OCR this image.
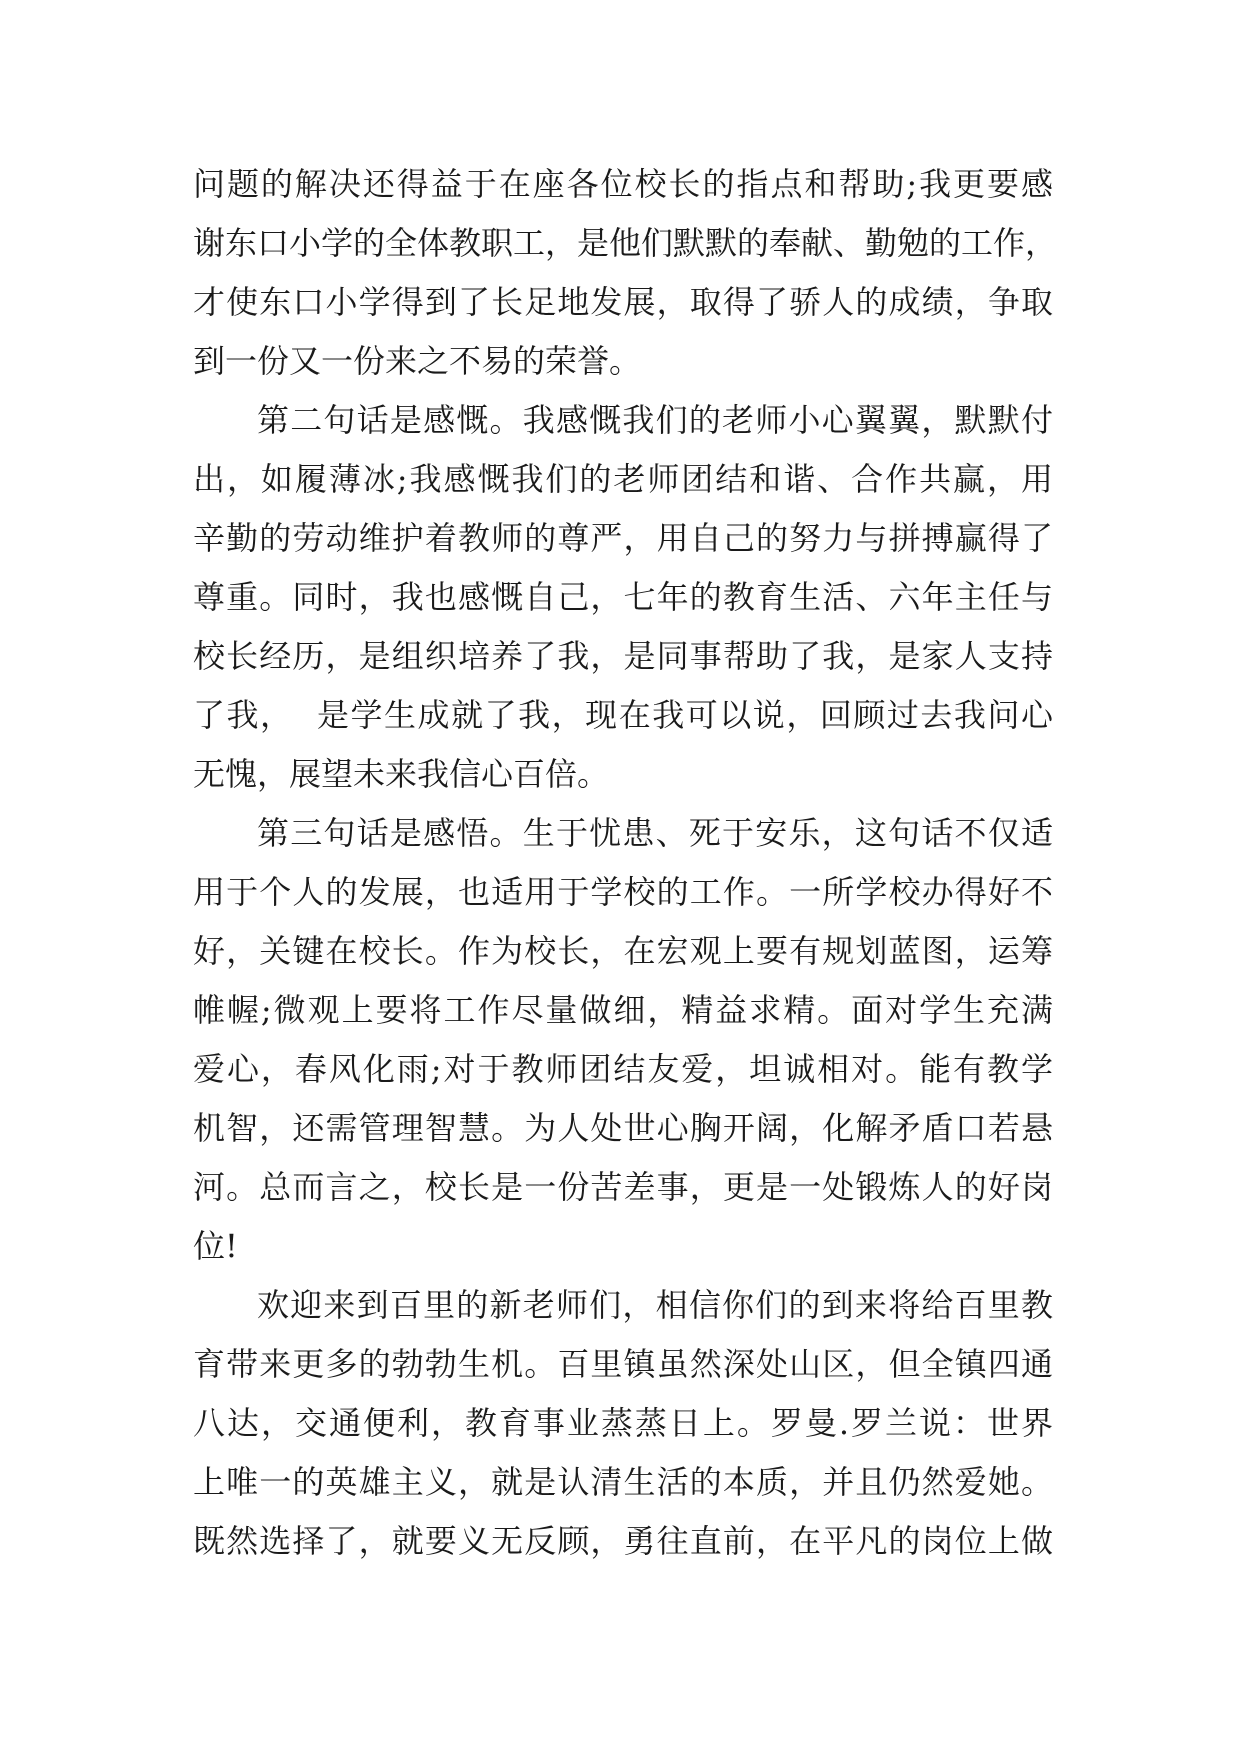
问题的解决还得益于在座各位校长的指点和帮助;我更要感
谢东口小学的全体教职工，是他们默默的奉献、勤勉的工作，
才使东口小学得到了长足地发展，取得了骄人的成绩，争取
到一份又一份来之不易的荣誉。
第二句话是感慨。我感慨我们的老师小心翼翼，默默付
出，如履薄冰;我感慨我们的老师团结和谐、合作共赢，用
辛勤的劳动维护着教师的尊严，用自己的努力与拼搏赢得了
尊重。同时，我也感慨自己，七年的教育生活、六年主任与
校长经历，是组织培养了我，是同事帮助了我，是家人支持
了我，  是学生成就了我，现在我可以说，回顾过去我问心
无愧，展望未来我信心百倍。
第三句话是感悟。生于忧患、死于安乐，这句话不仅适
用于个人的发展，也适用于学校的工作。一所学校办得好不
好，关键在校长。作为校长，在宏观上要有规划蓝图，运筹
帷幄;微观上要将工作尽量做细，精益求精。面对学生充满
爱心，春风化雨;对于教师团结友爱，坦诚相对。能有教学
机智，还需管理智慧。为人处世心胸开阔，化解矛盾口若悬
河。总而言之，校长是一份苦差事，更是一处锻炼人的好岗
位!
欢迎来到百里的新老师们，相信你们的到来将给百里教
育带来更多的勃勃生机。百里镇虽然深处山区，但全镇四通
八达，交通便利，教育事业蒸蒸日上。罗曼.罗兰说：世界
上唯一的英雄主义，就是认清生活的本质，并且仍然爱她。
既然选择了，就要义无反顾，勇往直前，在平凡的岗位上做
